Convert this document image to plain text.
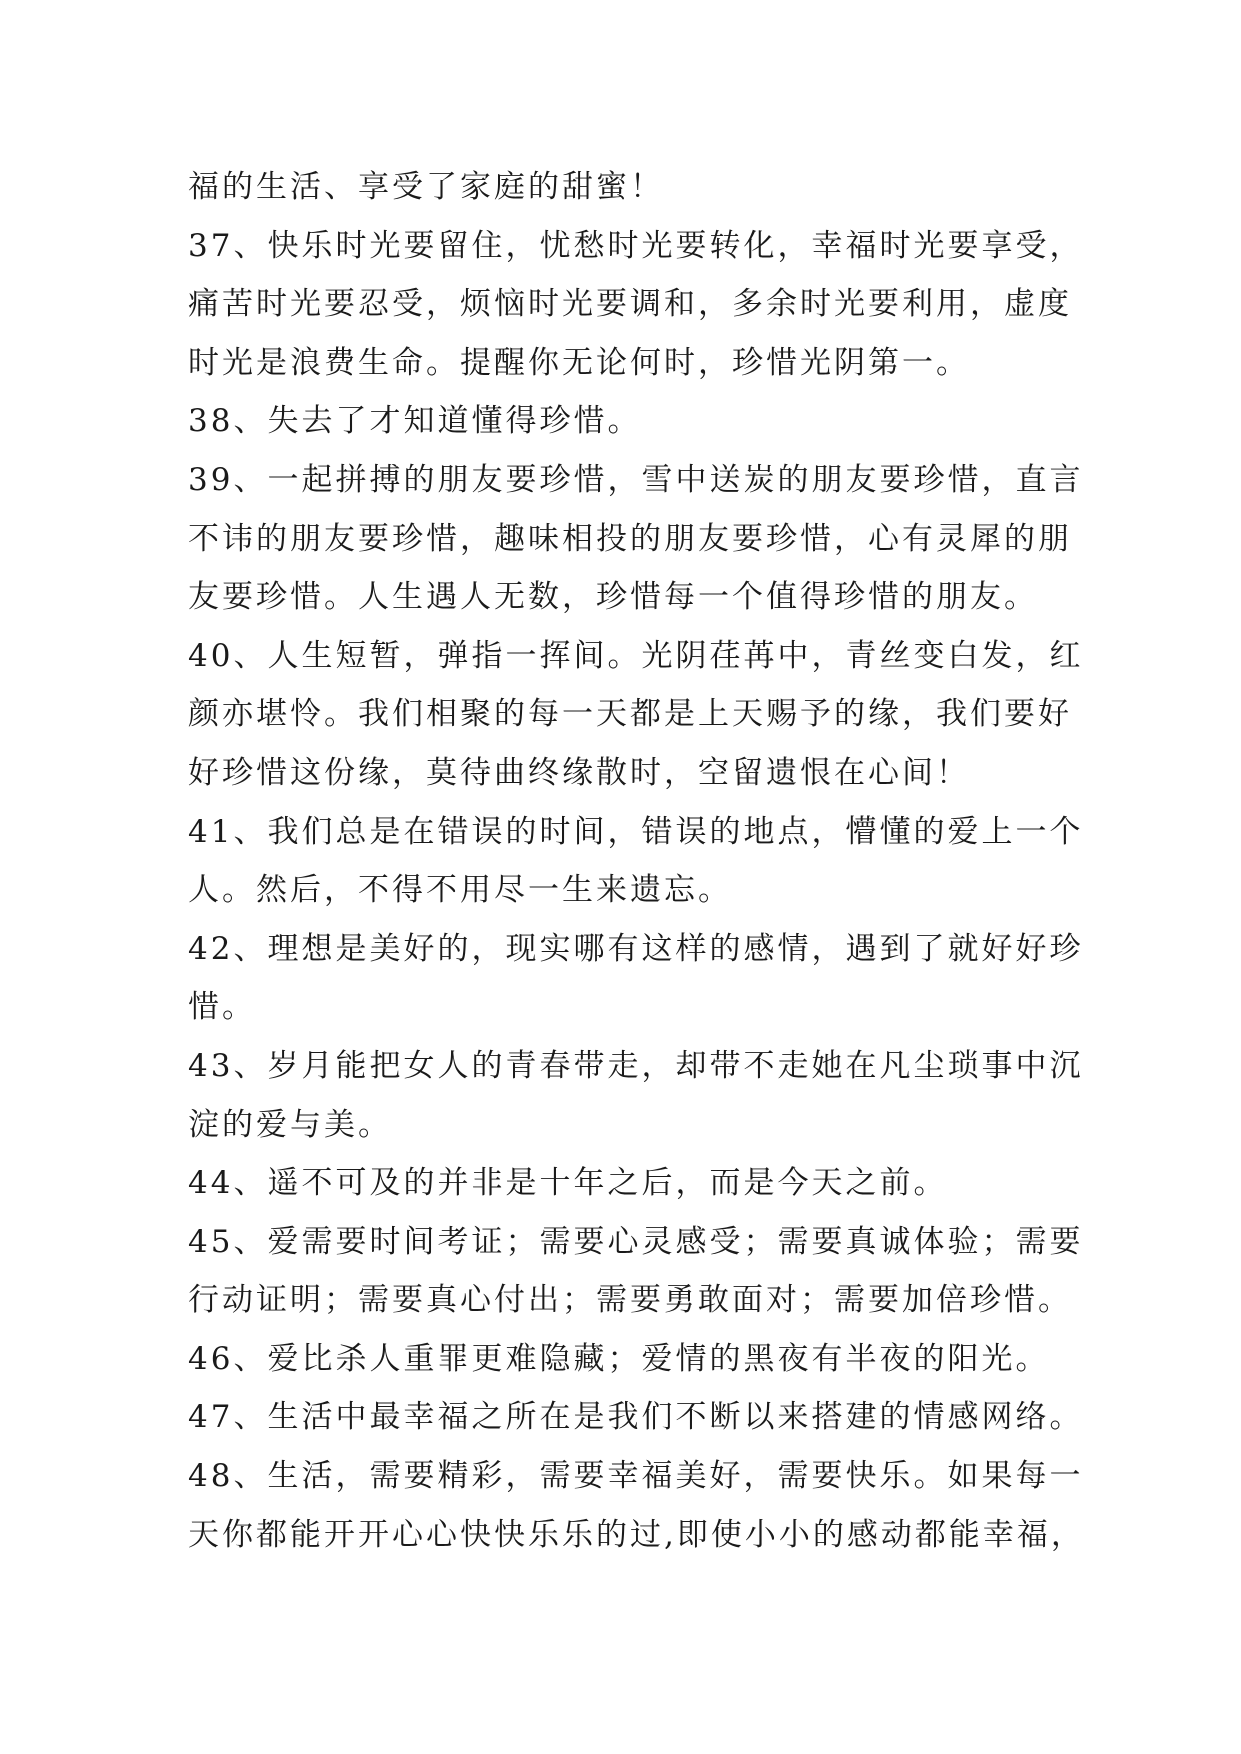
福的生活、享受了家庭的甜蜜！
37、快乐时光要留住，忧愁时光要转化，幸福时光要享受，
痛苦时光要忍受，烦恼时光要调和，多余时光要利用，虚度
时光是浪费生命。提醒你无论何时，珍惜光阴第一。
38、失去了才知道懂得珍惜。
39、一起拼搏的朋友要珍惜，雪中送炭的朋友要珍惜，直言
不讳的朋友要珍惜，趣味相投的朋友要珍惜，心有灵犀的朋
友要珍惜。人生遇人无数，珍惜每一个值得珍惜的朋友。
40、人生短暂，弹指一挥间。光阴荏苒中，青丝变白发，红
颜亦堪怜。我们相聚的每一天都是上天赐予的缘，我们要好
好珍惜这份缘，莫待曲终缘散时，空留遗恨在心间！
41、我们总是在错误的时间，错误的地点，懵懂的爱上一个
人。然后，不得不用尽一生来遗忘。
42、理想是美好的，现实哪有这样的感情，遇到了就好好珍
惜。
43、岁月能把女人的青春带走，却带不走她在凡尘琐事中沉
淀的爱与美。
44、遥不可及的并非是十年之后，而是今天之前。
45、爱需要时间考证；需要心灵感受；需要真诚体验；需要
行动证明；需要真心付出；需要勇敢面对；需要加倍珍惜。
46、爱比杀人重罪更难隐藏；爱情的黑夜有半夜的阳光。
47、生活中最幸福之所在是我们不断以来搭建的情感网络。
48、生活，需要精彩，需要幸福美好，需要快乐。如果每一
天你都能开开心心快快乐乐的过,即使小小的感动都能幸福，
